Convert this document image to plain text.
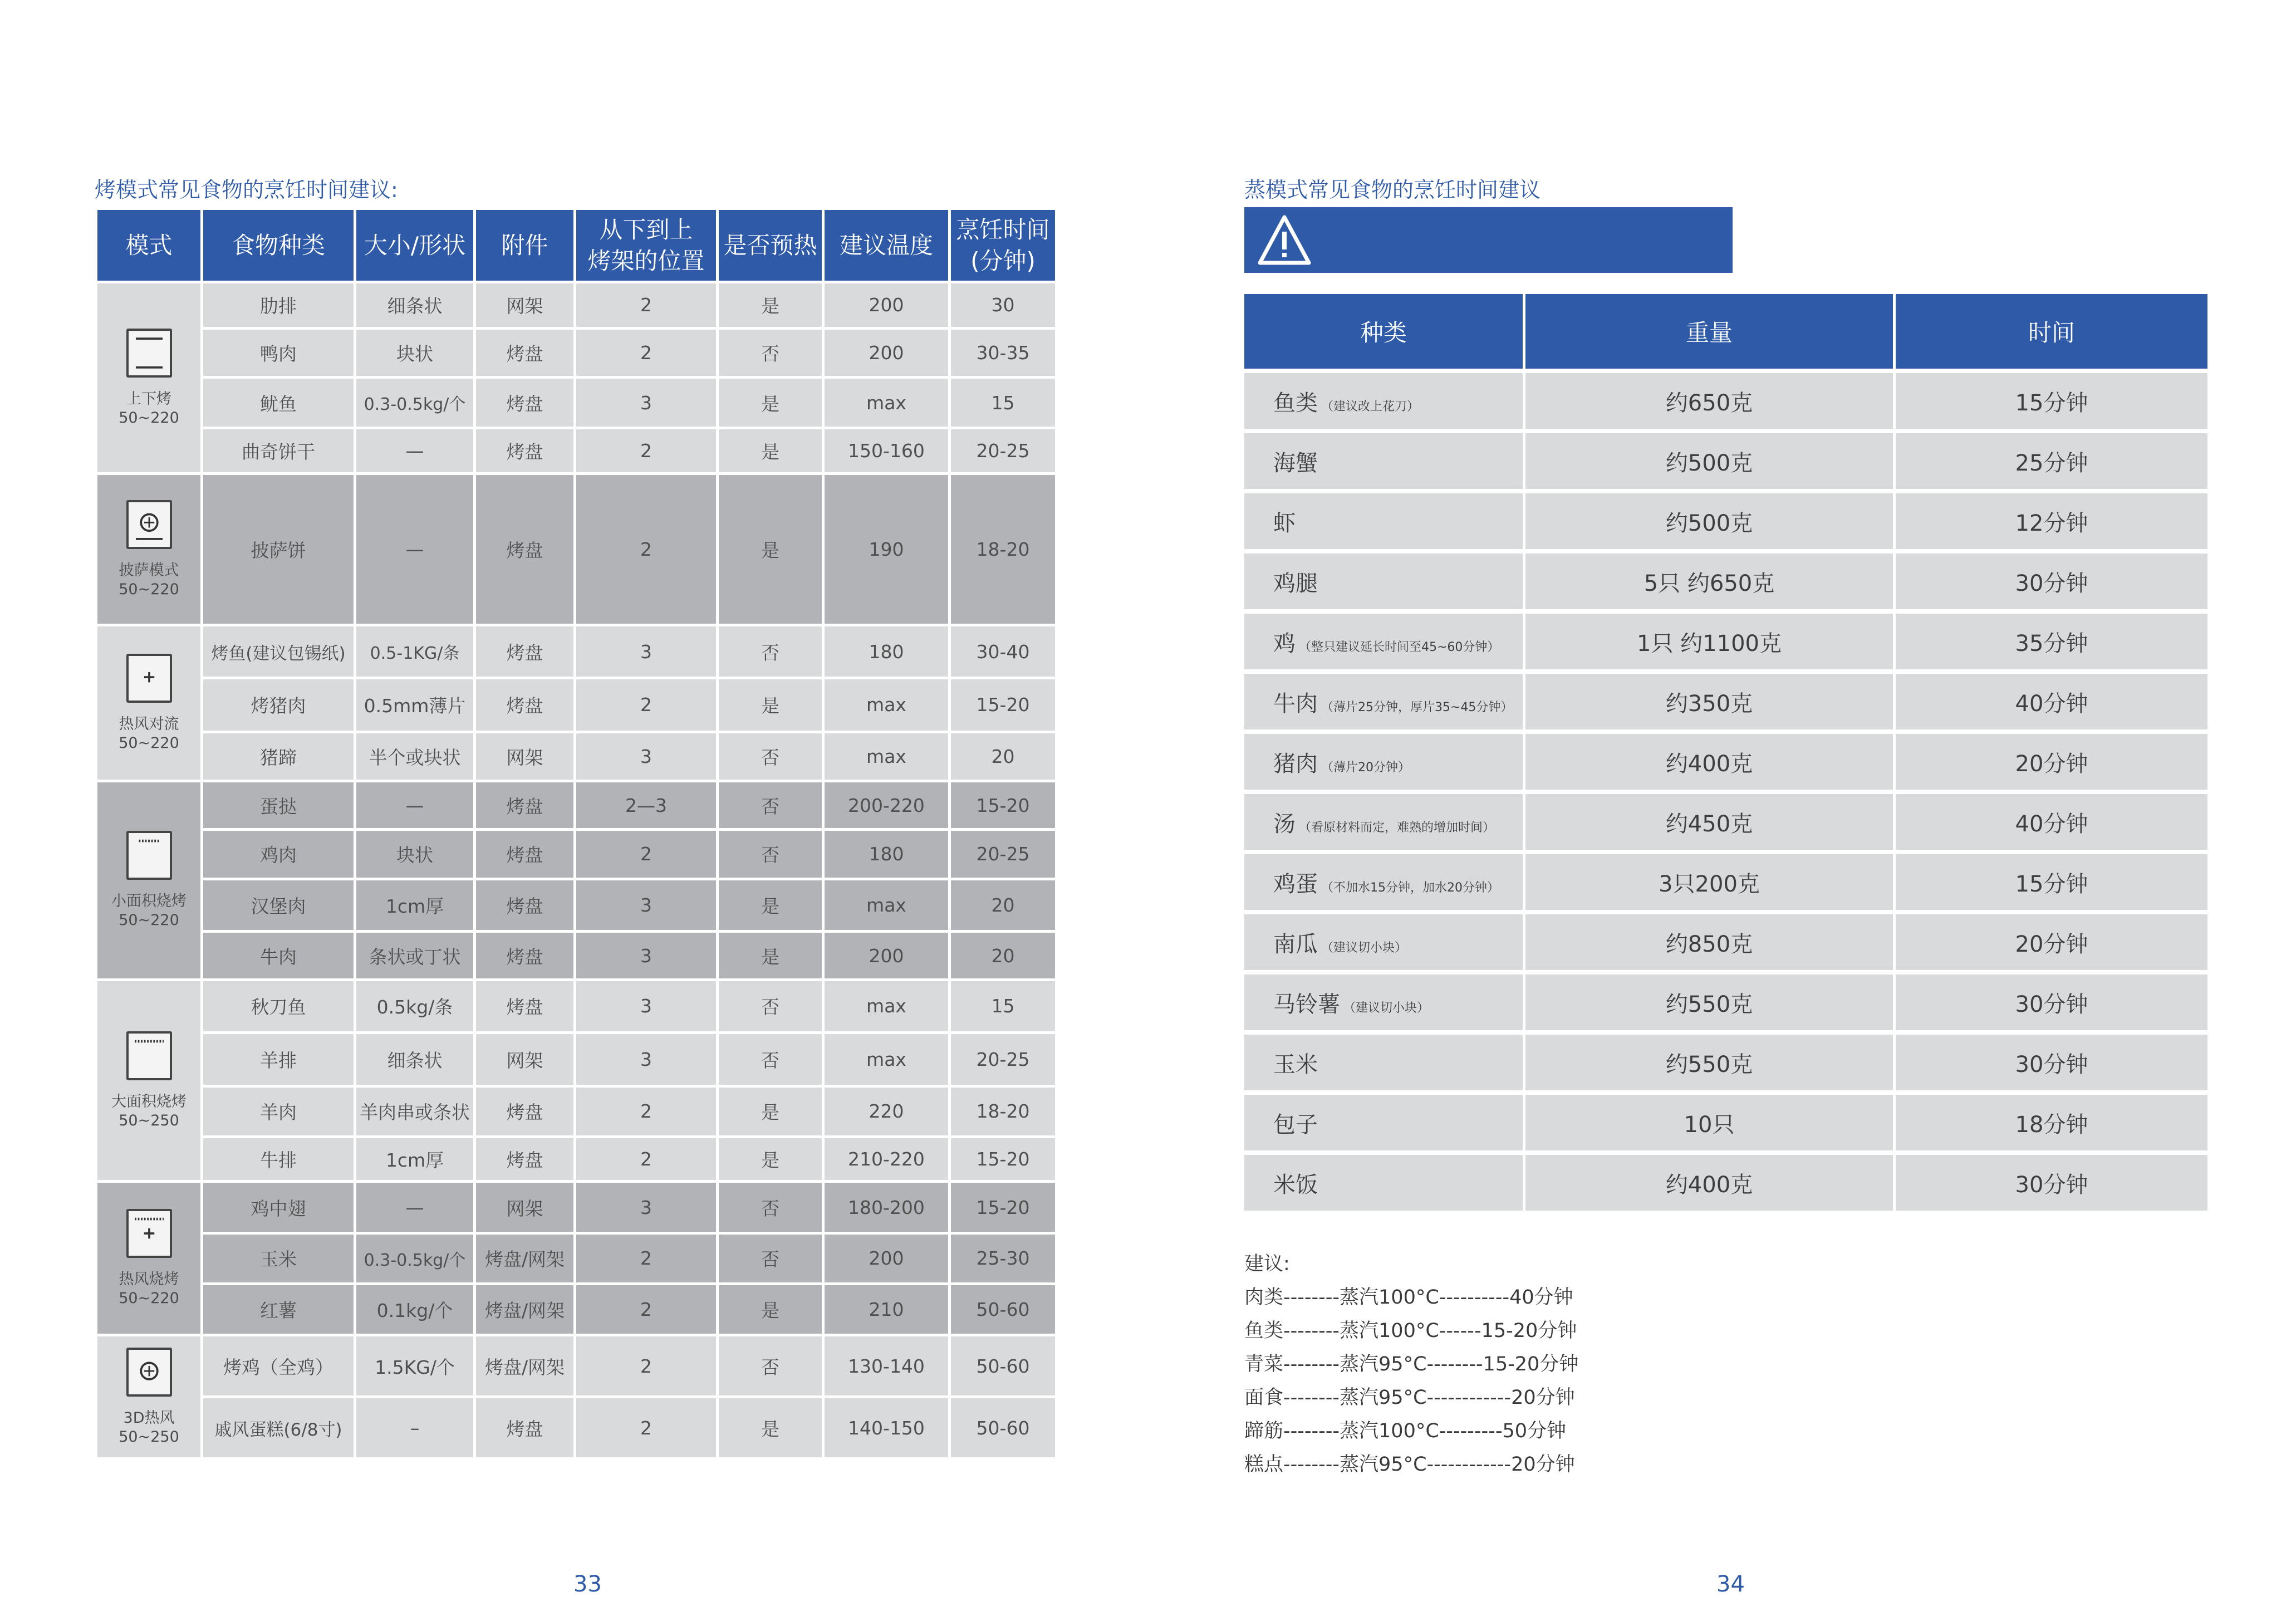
烤模式常见食物的烹饪时间建议:
模式	食物种类	大小/形状	附件	从下到上
烤架的位置	是否预热	建议温度	烹饪时间
(分钟)

上下烤
50~220	肋排	细条状	网架	2	是	200	30
	鸭肉	块状	烤盘	2	否	200	30-35
	鱿鱼	0.3-0.5kg/个	烤盘	3	是	max	15
	曲奇饼干	—	烤盘	2	是	150-160	20-25

披萨模式
50~220	披萨饼	—	烤盘	2	是	190	18-20

热风对流
50~220	烤鱼(建议包锡纸)	0.5-1KG/条	烤盘	3	否	180	30-40
	烤猪肉	0.5mm薄片	烤盘	2	是	max	15-20
	猪蹄	半个或块状	网架	3	否	max	20

小面积烧烤
50~220	蛋挞	—	烤盘	2—3	否	200-220	15-20
	鸡肉	块状	烤盘	2	否	180	20-25
	汉堡肉	1cm厚	烤盘	3	是	max	20
	牛肉	条状或丁状	烤盘	3	是	200	20

大面积烧烤
50~250	秋刀鱼	0.5kg/条	烤盘	3	否	max	15
	羊排	细条状	网架	3	否	max	20-25
	羊肉	羊肉串或条状	烤盘	2	是	220	18-20
	牛排	1cm厚	烤盘	2	是	210-220	15-20

热风烧烤
50~220	鸡中翅	—	网架	3	否	180-200	15-20
	玉米	0.3-0.5kg/个	烤盘/网架	2	否	200	25-30
	红薯	0.1kg/个	烤盘/网架	2	是	210	50-60

3D热风
50~250	烤鸡（全鸡）	1.5KG/个	烤盘/网架	2	否	130-140	50-60
	戚风蛋糕(6/8寸)	–	烤盘	2	是	140-150	50-60
33
蒸模式常见食物的烹饪时间建议
种类	重量	时间
鱼类 （建议改上花刀）	约650克	15分钟
海蟹	约500克	25分钟
虾	约500克	12分钟
鸡腿	5只 约650克	30分钟
鸡 （整只建议延长时间至45~60分钟）	1只 约1100克	35分钟
牛肉 （薄片25分钟，厚片35~45分钟）	约350克	40分钟
猪肉 （薄片20分钟）	约400克	20分钟
汤 （看原材料而定，难熟的增加时间）	约450克	40分钟
鸡蛋 （不加水15分钟，加水20分钟）	3只200克	15分钟
南瓜 （建议切小块）	约850克	20分钟
马铃薯 （建议切小块）	约550克	30分钟
玉米	约550克	30分钟
包子	10只	18分钟
米饭	约400克	30分钟
建议:
肉类--------蒸汽100°C----------40分钟
鱼类--------蒸汽100°C------15-20分钟
青菜--------蒸汽95°C--------15-20分钟
面食--------蒸汽95°C------------20分钟
蹄筋--------蒸汽100°C---------50分钟
糕点--------蒸汽95°C------------20分钟
34
